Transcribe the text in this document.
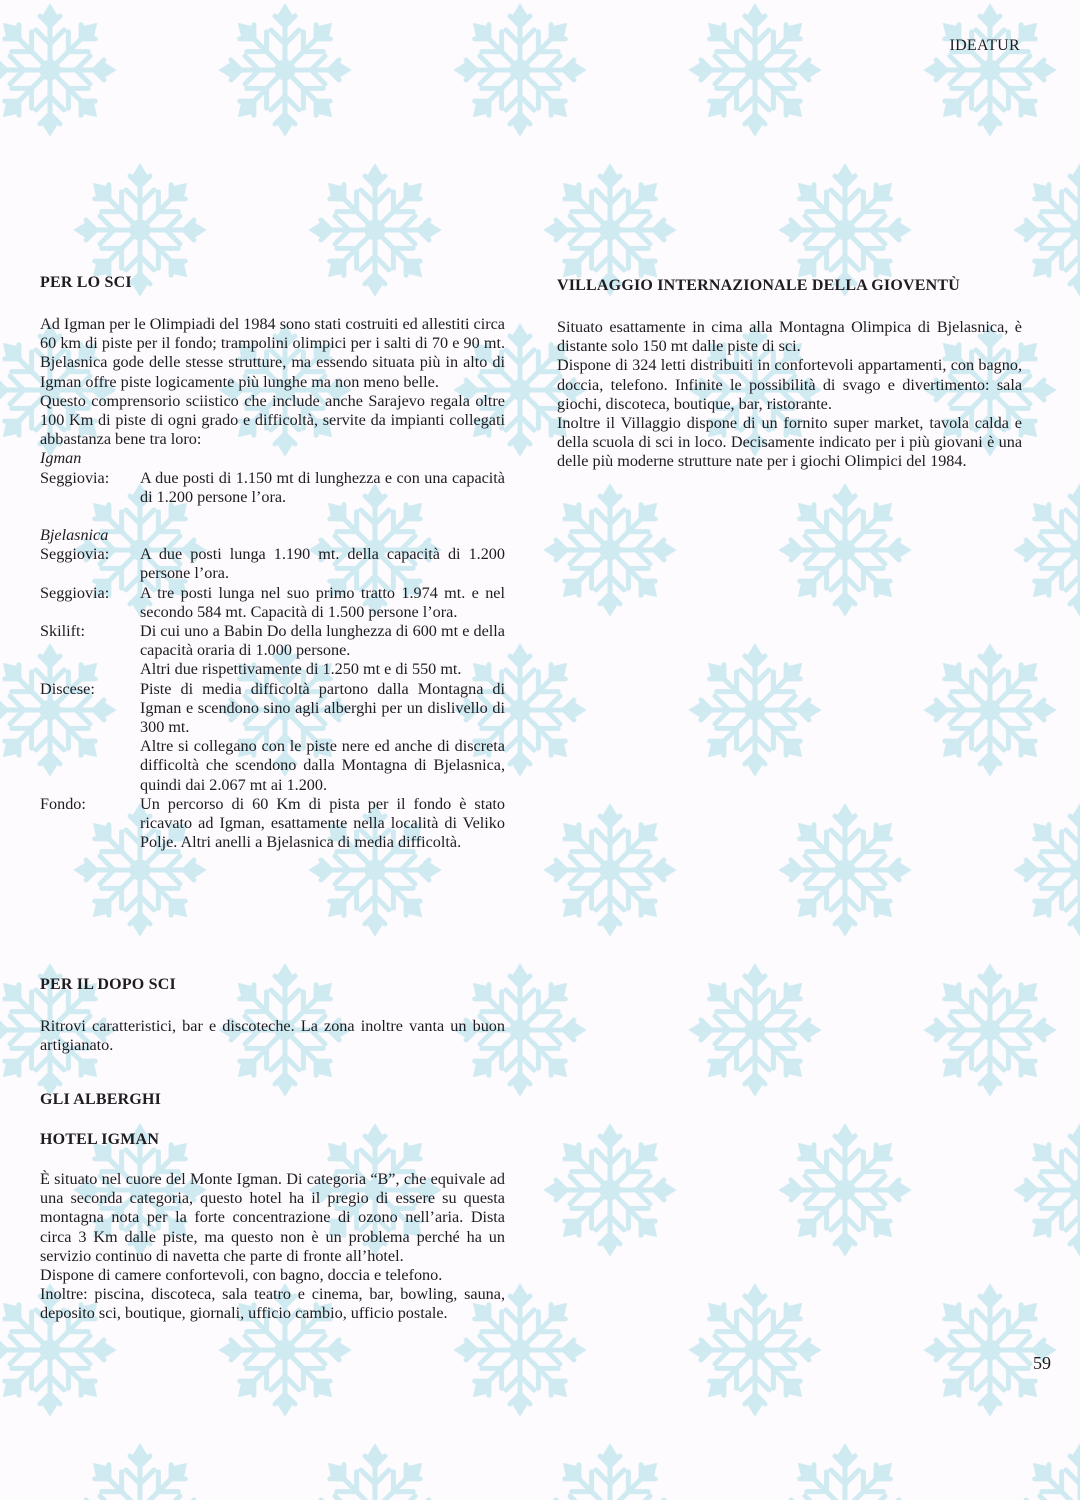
IDEATUR
PER LO SCI

Ad Igman per le Olimpiadi del 1984 sono stati costruiti ed allestiti circa 60 km di piste per il fondo; trampolini olimpici per i salti di 70 e 90 mt. Bjelasnica gode delle stesse strutture, ma essendo situata più in alto di Igman offre piste logicamente più lunghe ma non meno belle.

Questo comprensorio sciistico che include anche Sarajevo regala oltre 100 Km di piste di ogni grado e difficoltà, servite da impianti collegati abbastanza bene tra loro:

Igman
Seggiovia:	A due posti di 1.150 mt di lunghezza e con una capacità di 1.200 persone l’ora.

Bjelasnica
Seggiovia:	A due posti lunga 1.190 mt. della capacità di 1.200 persone l’ora.

Seggiovia:	A tre posti lunga nel suo primo tratto 1.974 mt. e nel secondo 584 mt. Capacità di 1.500 persone l’ora.

Skilift:	Di cui uno a Babin Do della lunghezza di 600 mt e della capacità oraria di 1.000 persone.

Altri due rispettivamente di 1.250 mt e di 550 mt.

Discese:	Piste di media difficoltà partono dalla Montagna di Igman e scendono sino agli alberghi per un dislivello di 300 mt.

Altre si collegano con le piste nere ed anche di discreta difficoltà che scendono dalla Montagna di Bjelasnica, quindi dai 2.067 mt ai 1.200.

Fondo:	Un percorso di 60 Km di pista per il fondo è stato ricavato ad Igman, esattamente nella località di Veliko Polje. Altri anelli a Bjelasnica di media difficoltà.

PER IL DOPO SCI

Ritrovi caratteristici, bar e discoteche. La zona inoltre vanta un buon artigianato.

GLI ALBERGHI
HOTEL IGMAN

È situato nel cuore del Monte Igman. Di categoria “B”, che equivale ad una seconda categoria, questo hotel ha il pregio di essere su questa montagna nota per la forte concentrazione di ozono nell’aria. Dista circa 3 Km dalle piste, ma questo non è un problema perché ha un servizio continuo di navetta che parte di fronte all’hotel.

Dispone di camere confortevoli, con bagno, doccia e telefono.

Inoltre: piscina, discoteca, sala teatro e cinema, bar, bowling, sauna, deposito sci, boutique, giornali, ufficio cambio, ufficio postale.

VILLAGGIO INTERNAZIONALE DELLA GIOVENTÙ

Situato esattamente in cima alla Montagna Olimpica di Bjelasnica, è distante solo 150 mt dalle piste di sci.

Dispone di 324 letti distribuiti in confortevoli appartamenti, con bagno, doccia, telefono. Infinite le possibilità di svago e divertimento: sala giochi, discoteca, boutique, bar, ristorante.

Inoltre il Villaggio dispone di un fornito super market, tavola calda e della scuola di sci in loco. Decisamente indicato per i più giovani è una delle più moderne strutture nate per i giochi Olimpici del 1984.

59
